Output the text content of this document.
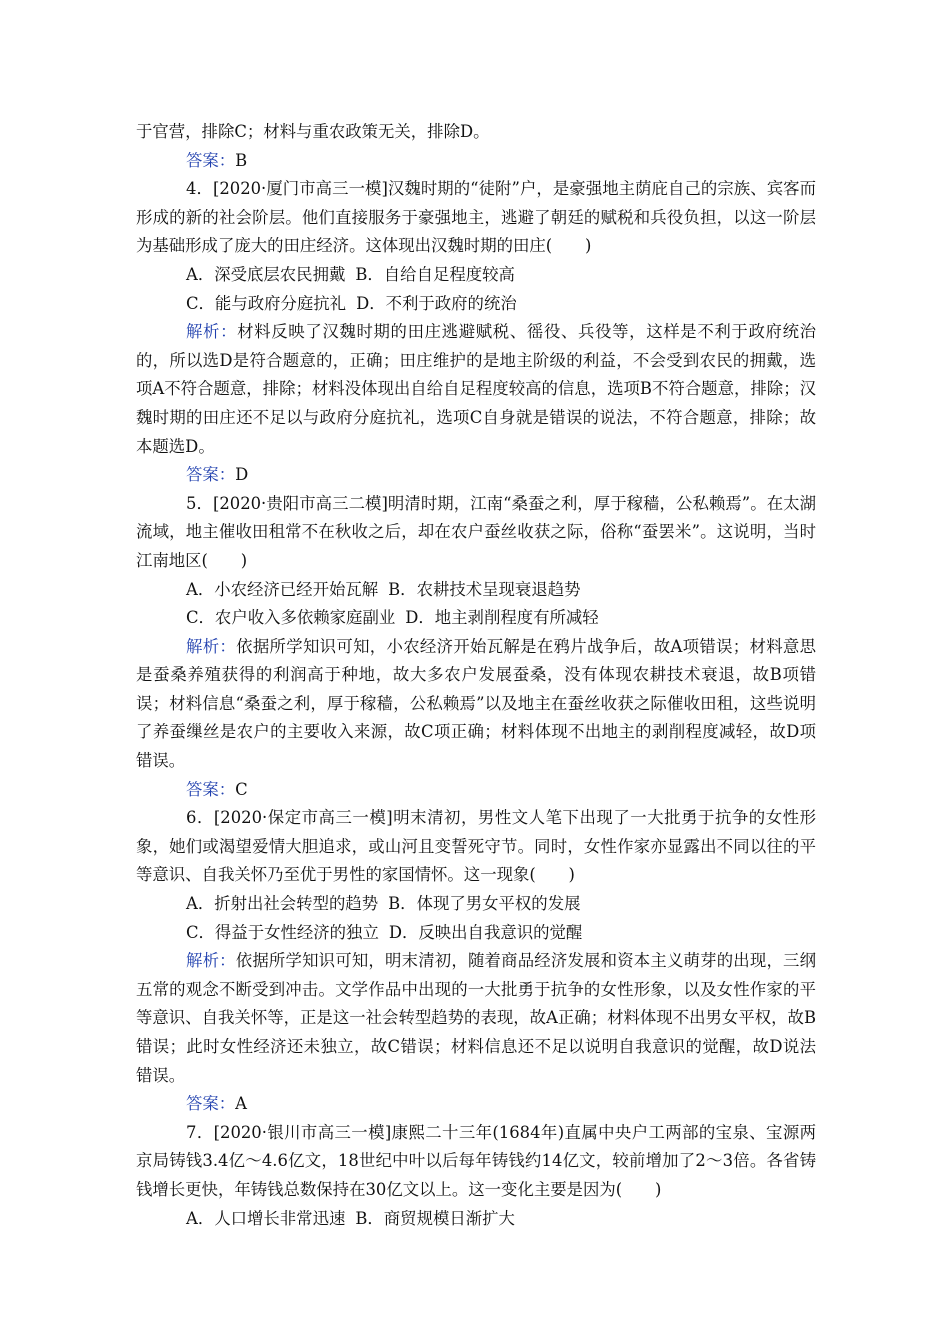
于官营，排除C；材料与重农政策无关，排除D。

答案：B

4．[2020·厦门市高三一模]汉魏时期的“徒附”户，是豪强地主荫庇自己的宗族、宾客而形成的新的社会阶层。他们直接服务于豪强地主，逃避了朝廷的赋税和兵役负担，以这一阶层为基础形成了庞大的田庄经济。这体现出汉魏时期的田庄(　　)

A．深受底层农民拥戴 B．自给自足程度较高

C．能与政府分庭抗礼 D．不利于政府的统治

解析：材料反映了汉魏时期的田庄逃避赋税、徭役、兵役等，这样是不利于政府统治的，所以选D是符合题意的，正确；田庄维护的是地主阶级的利益，不会受到农民的拥戴，选项A不符合题意，排除；材料没体现出自给自足程度较高的信息，选项B不符合题意，排除；汉魏时期的田庄还不足以与政府分庭抗礼，选项C自身就是错误的说法，不符合题意，排除；故本题选D。

答案：D

5．[2020·贵阳市高三二模]明清时期，江南“桑蚕之利，厚于稼穑，公私赖焉”。在太湖流域，地主催收田租常不在秋收之后，却在农户蚕丝收获之际，俗称“蚕罢米”。这说明，当时江南地区(　　)

A．小农经济已经开始瓦解 B．农耕技术呈现衰退趋势

C．农户收入多依赖家庭副业 D．地主剥削程度有所减轻

解析：依据所学知识可知，小农经济开始瓦解是在鸦片战争后，故A项错误；材料意思是蚕桑养殖获得的利润高于种地，故大多农户发展蚕桑，没有体现农耕技术衰退，故B项错误；材料信息“桑蚕之利，厚于稼穑，公私赖焉”以及地主在蚕丝收获之际催收田租，这些说明了养蚕缫丝是农户的主要收入来源，故C项正确；材料体现不出地主的剥削程度减轻，故D项错误。

答案：C

6．[2020·保定市高三一模]明末清初，男性文人笔下出现了一大批勇于抗争的女性形象，她们或渴望爱情大胆追求，或山河且变誓死守节。同时，女性作家亦显露出不同以往的平等意识、自我关怀乃至优于男性的家国情怀。这一现象(　　)

A．折射出社会转型的趋势 B．体现了男女平权的发展

C．得益于女性经济的独立 D．反映出自我意识的觉醒

解析：依据所学知识可知，明末清初，随着商品经济发展和资本主义萌芽的出现，三纲五常的观念不断受到冲击。文学作品中出现的一大批勇于抗争的女性形象，以及女性作家的平等意识、自我关怀等，正是这一社会转型趋势的表现，故A正确；材料体现不出男女平权，故B错误；此时女性经济还未独立，故C错误；材料信息还不足以说明自我意识的觉醒，故D说法错误。

答案：A

7．[2020·银川市高三一模]康熙二十三年(1684年)直属中央户工两部的宝泉、宝源两京局铸钱3.4亿～4.6亿文，18世纪中叶以后每年铸钱约14亿文，较前增加了2～3倍。各省铸钱增长更快，年铸钱总数保持在30亿文以上。这一变化主要是因为(　　)

A．人口增长非常迅速 B．商贸规模日渐扩大
